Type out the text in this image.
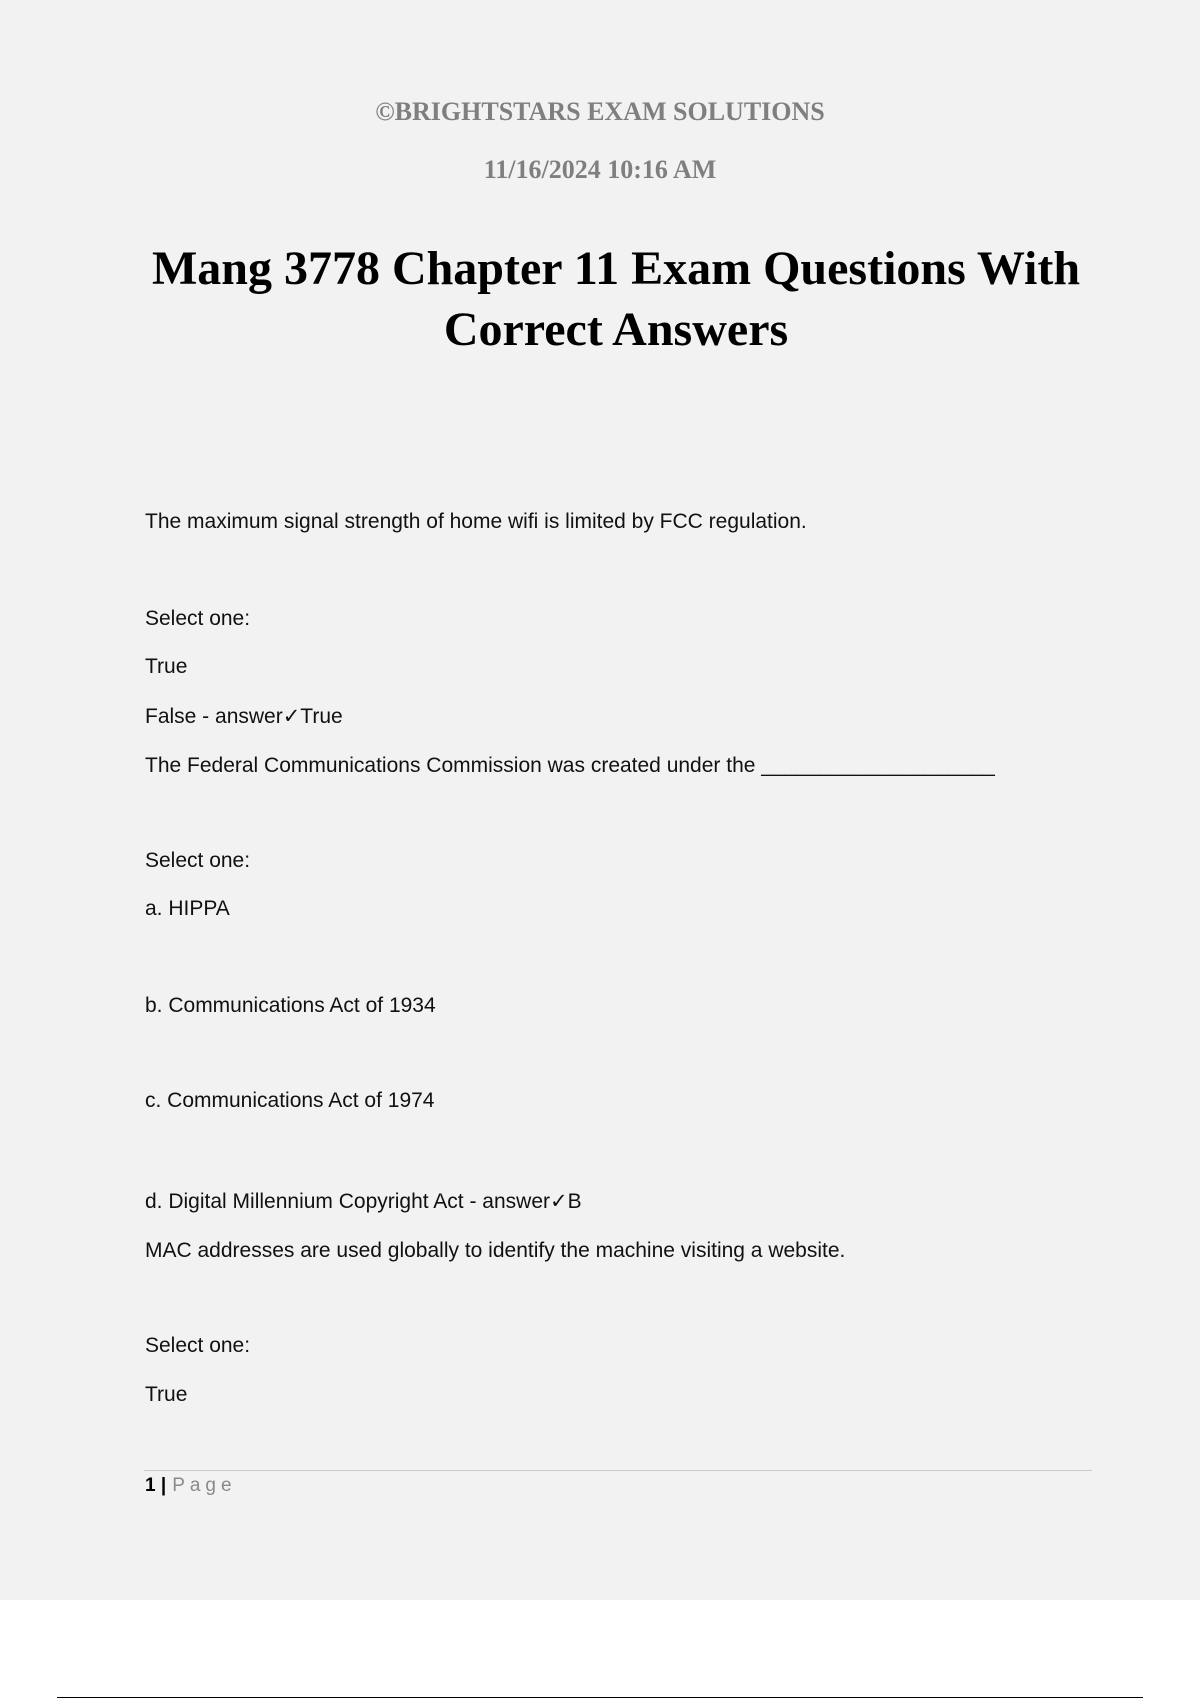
©BRIGHTSTARS EXAM SOLUTIONS
11/16/2024 10:16 AM
Mang 3778 Chapter 11 Exam Questions With
Correct Answers
The maximum signal strength of home wifi is limited by FCC regulation.
Select one:
True
False - answer✓True
The Federal Communications Commission was created under the ____________________
Select one:
a. HIPPA
b. Communications Act of 1934
c. Communications Act of 1974
d. Digital Millennium Copyright Act - answer✓B
MAC addresses are used globally to identify the machine visiting a website.
Select one:
True
1 | Page
